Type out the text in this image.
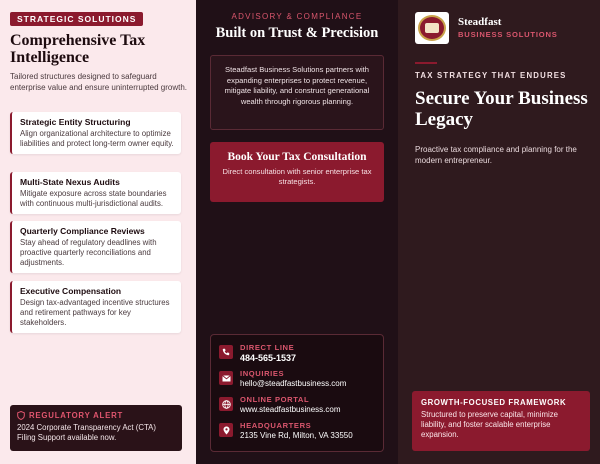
STRATEGIC SOLUTIONS
Comprehensive Tax Intelligence
Tailored structures designed to safeguard enterprise value and ensure uninterrupted growth.
Strategic Entity Structuring
Align organizational architecture to optimize liabilities and protect long-term owner equity.
Multi-State Nexus Audits
Mitigate exposure across state boundaries with continuous multi-jurisdictional audits.
Quarterly Compliance Reviews
Stay ahead of regulatory deadlines with proactive quarterly reconciliations and adjustments.
Executive Compensation
Design tax-advantaged incentive structures and retirement pathways for key stakeholders.
REGULATORY ALERT
2024 Corporate Transparency Act (CTA) Filing Support available now.
ADVISORY & COMPLIANCE
Built on Trust & Precision
Steadfast Business Solutions partners with expanding enterprises to protect revenue, mitigate liability, and construct generational wealth through rigorous planning.
Book Your Tax Consultation
Direct consultation with senior enterprise tax strategists.
DIRECT LINE
484-565-1537
INQUIRIES
hello@steadfastbusiness.com
ONLINE PORTAL
www.steadfastbusiness.com
HEADQUARTERS
2135 Vine Rd, Milton, VA 33550
Steadfast
BUSINESS SOLUTIONS
TAX STRATEGY THAT ENDURES
Secure Your Business Legacy
Proactive tax compliance and planning for the modern entrepreneur.
GROWTH-FOCUSED FRAMEWORK
Structured to preserve capital, minimize liability, and foster scalable enterprise expansion.
